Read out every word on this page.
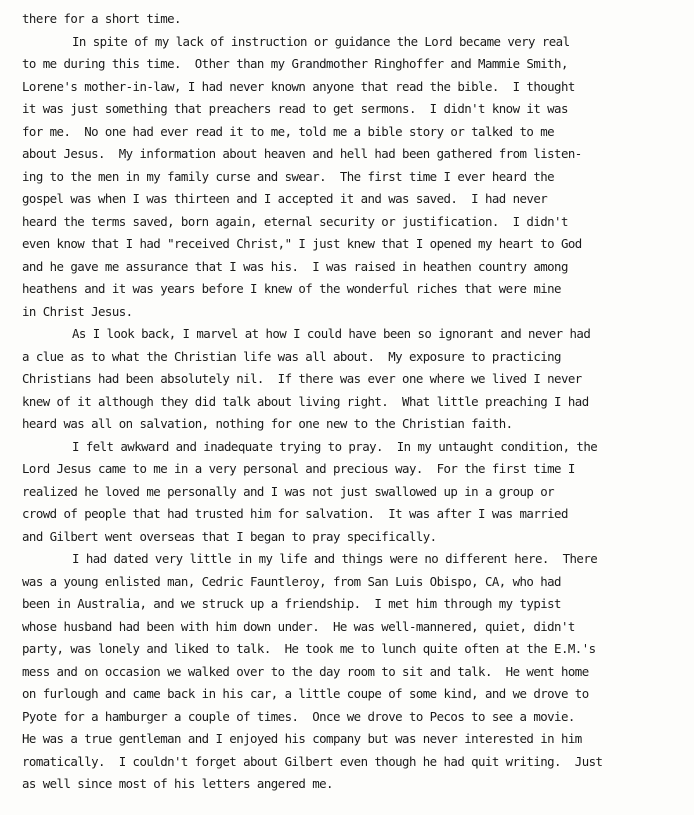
there for a short time.
In spite of my lack of instruction or guidance the Lord became very real
to me during this time.  Other than my Grandmother Ringhoffer and Mammie Smith,
Lorene's mother-in-law, I had never known anyone that read the bible.  I thought
it was just something that preachers read to get sermons.  I didn't know it was
for me.  No one had ever read it to me, told me a bible story or talked to me
about Jesus.  My information about heaven and hell had been gathered from listen-
ing to the men in my family curse and swear.  The first time I ever heard the
gospel was when I was thirteen and I accepted it and was saved.  I had never
heard the terms saved, born again, eternal security or justification.  I didn't
even know that I had "received Christ," I just knew that I opened my heart to God
and he gave me assurance that I was his.  I was raised in heathen country among
heathens and it was years before I knew of the wonderful riches that were mine
in Christ Jesus.
As I look back, I marvel at how I could have been so ignorant and never had
a clue as to what the Christian life was all about.  My exposure to practicing
Christians had been absolutely nil.  If there was ever one where we lived I never
knew of it although they did talk about living right.  What little preaching I had
heard was all on salvation, nothing for one new to the Christian faith.
I felt awkward and inadequate trying to pray.  In my untaught condition, the
Lord Jesus came to me in a very personal and precious way.  For the first time I
realized he loved me personally and I was not just swallowed up in a group or
crowd of people that had trusted him for salvation.  It was after I was married
and Gilbert went overseas that I began to pray specifically.
I had dated very little in my life and things were no different here.  There
was a young enlisted man, Cedric Fauntleroy, from San Luis Obispo, CA, who had
been in Australia, and we struck up a friendship.  I met him through my typist
whose husband had been with him down under.  He was well-mannered, quiet, didn't
party, was lonely and liked to talk.  He took me to lunch quite often at the E.M.'s
mess and on occasion we walked over to the day room to sit and talk.  He went home
on furlough and came back in his car, a little coupe of some kind, and we drove to
Pyote for a hamburger a couple of times.  Once we drove to Pecos to see a movie.
He was a true gentleman and I enjoyed his company but was never interested in him
romatically.  I couldn't forget about Gilbert even though he had quit writing.  Just
as well since most of his letters angered me.
